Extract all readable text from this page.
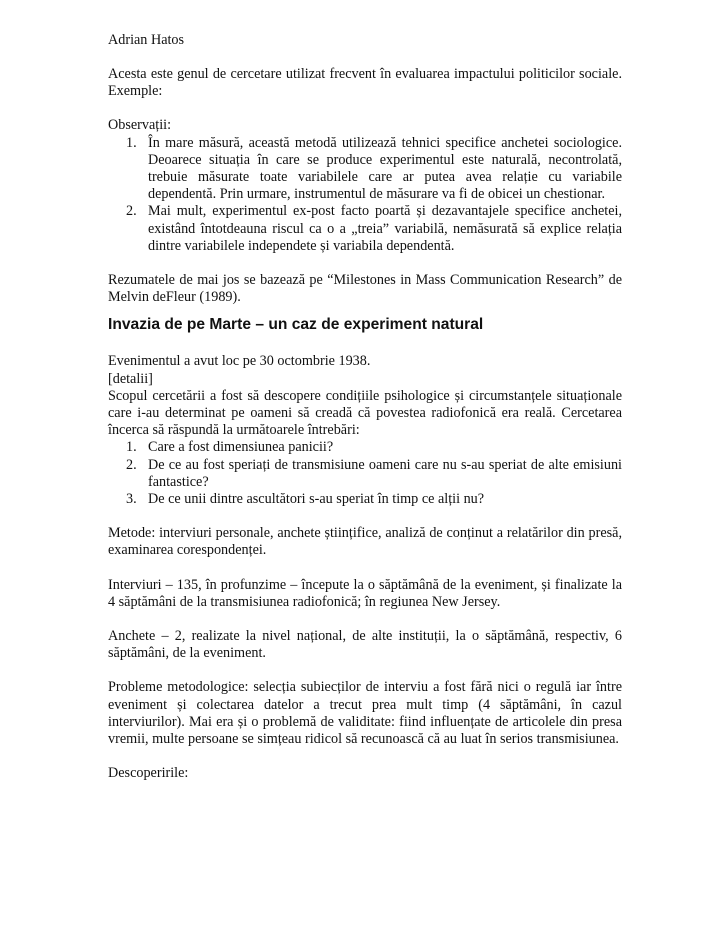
Adrian Hatos

Acesta este genul de cercetare utilizat frecvent în evaluarea impactului politicilor sociale. Exemple:

Observații:

1. În mare măsură, această metodă utilizează tehnici specifice anchetei sociologice. Deoarece situația în care se produce experimentul este naturală, necontrolată, trebuie măsurate toate variabilele care ar putea avea relație cu variabile dependentă. Prin urmare, instrumentul de măsurare va fi de obicei un chestionar.
2. Mai mult, experimentul ex-post facto poartă și dezavantajele specifice anchetei, existând întotdeauna riscul ca o a „treia” variabilă, nemăsurată să explice relația dintre variabilele independete și variabila dependentă.

Rezumatele de mai jos se bazează pe “Milestones in Mass Communication Research” de Melvin deFleur (1989).

Invazia de pe Marte – un caz de experiment natural

Evenimentul a avut loc pe 30 octombrie 1938.

[detalii]

Scopul cercetării a fost să descopere condițiile psihologice și circumstanțele situaționale care i-au determinat pe oameni să creadă că povestea radiofonică era reală. Cercetarea încerca să răspundă la următoarele întrebări:

1. Care a fost dimensiunea panicii?
2. De ce au fost speriați de transmisiune oameni care nu s-au speriat de alte emisiuni fantastice?
3. De ce unii dintre ascultători s-au speriat în timp ce alții nu?

Metode: interviuri personale, anchete științifice, analiză de conținut a relatărilor din presă, examinarea corespondenței.

Interviuri – 135, în profunzime – începute la o săptămână de la eveniment, și finalizate la 4 săptămâni de la transmisiunea radiofonică; în regiunea New Jersey.

Anchete – 2, realizate la nivel național, de alte instituții, la o săptămână, respectiv, 6 săptămâni, de la eveniment.

Probleme metodologice: selecția subiecților de interviu a fost fără nici o regulă iar între eveniment și colectarea datelor a trecut prea mult timp (4 săptămâni, în cazul interviurilor). Mai era și o problemă de validitate: fiind influențate de articolele din presa vremii, multe persoane se simțeau ridicol să recunoască că au luat în serios transmisiunea.

Descoperirile:
